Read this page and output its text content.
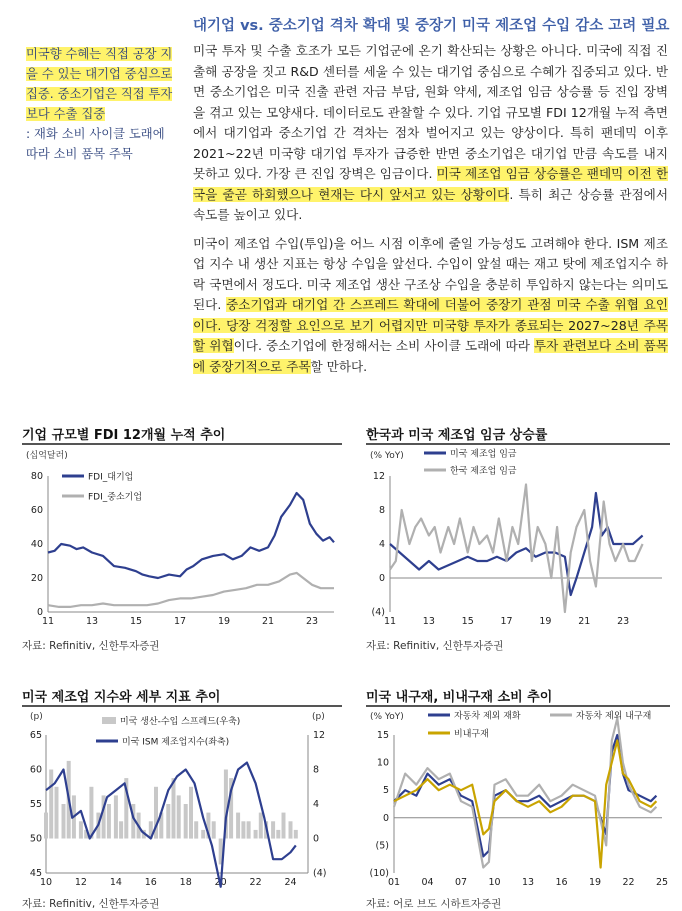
대기업 vs. 중소기업 격차 확대 및 중장기 미국 제조업 수입 감소 고려 필요
미국향 수혜는 직접 공장 지을 수 있는 대기업 중심으로 집중. 중소기업은 직접 투자보다 수출 집중
: 재화 소비 사이클 도래에 따라 소비 품목 주목

미국 투자 및 수출 호조가 모든 기업군에 온기 확산되는 상황은 아니다. 미국에 직접 진출해 공장을 짓고 R&D 센터를 세울 수 있는 대기업 중심으로 수혜가 집중되고 있다. 반면 중소기업은 미국 진출 관련 자금 부담, 원화 약세, 제조업 임금 상승률 등 진입 장벽을 겪고 있는 모양새다. 데이터로도 관찰할 수 있다. 기업 규모별 FDI 12개월 누적 측면에서 대기업과 중소기업 간 격차는 점차 벌어지고 있는 양상이다. 특히 팬데믹 이후 2021~22년 미국향 대기업 투자가 급증한 반면 중소기업은 대기업 만큼 속도를 내지 못하고 있다. 가장 큰 진입 장벽은 임금이다. 미국 제조업 임금 상승률은 팬데믹 이전 한국을 줄곧 하회했으나 현재는 다시 앞서고 있는 상황이다. 특히 최근 상승률 관점에서 속도를 높이고 있다.

미국이 제조업 수입(투입)을 어느 시점 이후에 줄일 가능성도 고려해야 한다. ISM 제조업 지수 내 생산 지표는 항상 수입을 앞선다. 수입이 앞설 때는 재고 탓에 제조업지수 하락 국면에서 정도다. 미국 제조업 생산 구조상 수입을 충분히 투입하지 않는다는 의미도 된다. 중소기업과 대기업 간 스프레드 확대에 더불어 중장기 관점 미국 수출 위협 요인이다. 당장 걱정할 요인으로 보기 어렵지만 미국향 투자가 종료되는 2027~28년 주목할 위협이다. 중소기업에 한정해서는 소비 사이클 도래에 따라 투자 관련보다 소비 품목에 중장기적으로 주목할 만하다.

기업 규모별 FDI 12개월 누적 추이
(십억달러)
0
20
40
60
80
11	13	15	17	19	21	23
FDI_대기업
FDI_중소기업
자료: Refinitiv, 신한투자증권
한국과 미국 제조업 임금 상승률
(% YoY)
(4)
0
4
8
12
11	13	15	17	19	21	23
미국 제조업 임금
한국 제조업 임금
자료: Refinitiv, 신한투자증권
미국 제조업 지수와 세부 지표 추이
(p)	(p)
45
50
55
60
65
(4)
0
4
8
12
10 12 14 16 18 20 22 24
미국 생산-수입 스프레드(우축)
미국 ISM 제조업지수(좌축)
자료: Refinitiv, 신한투자증권
미국 내구재, 비내구재 소비 추이
(% YoY)
(10)
(5)
0
5
10
15
01 04 07 10 13 16 19 22 25
자동차 제외 재화	자동차 제외 내구재
비내구재
자료: 어로 브도 시하트자증권
